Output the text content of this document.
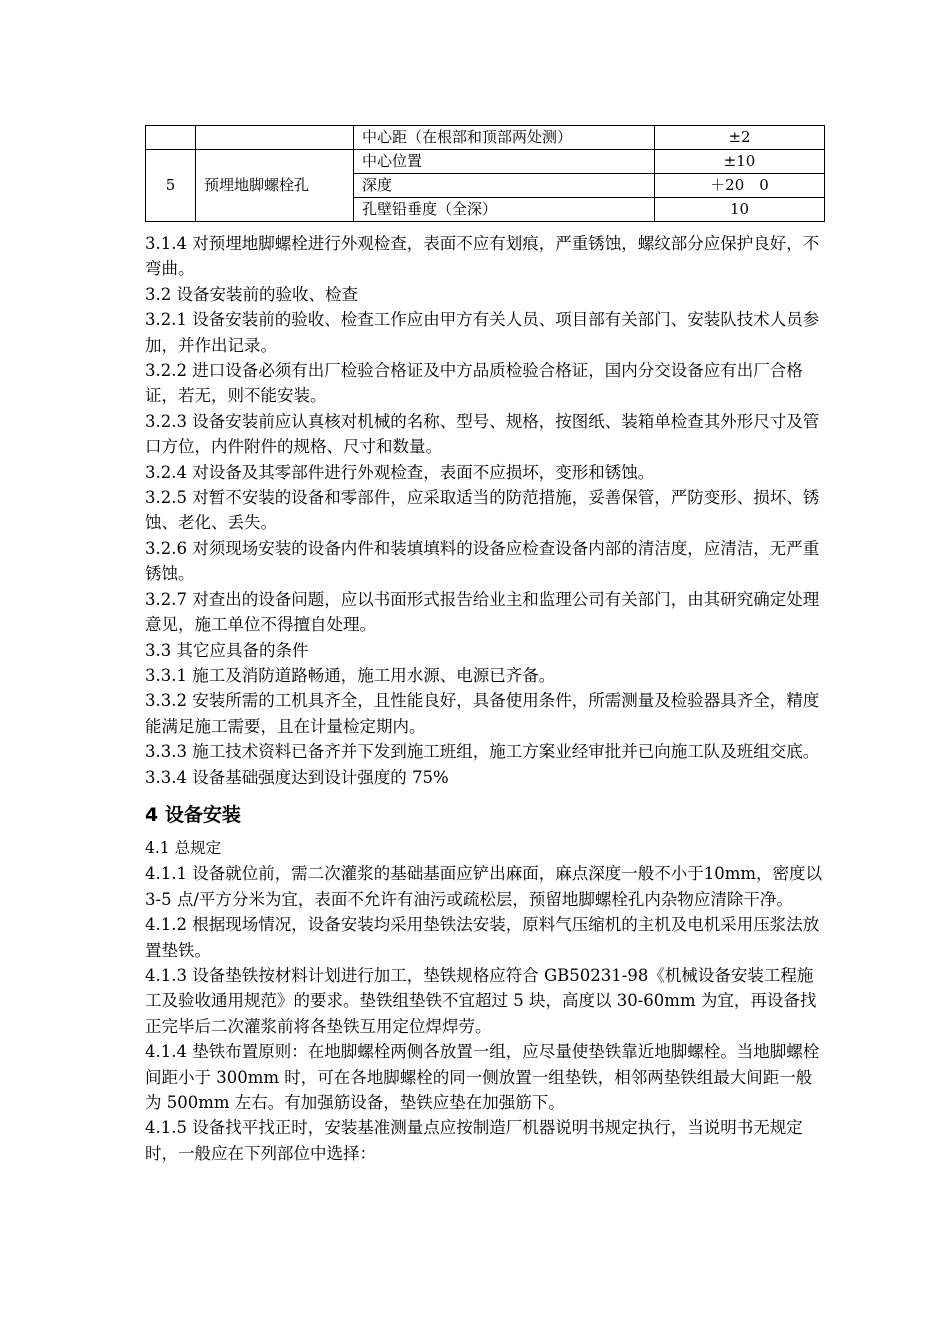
		中心距（在根部和顶部两处测）	±2
5	预埋地脚螺栓孔	中心位置	±10
		深度	＋20　0
		孔壁铅垂度（全深）	10

3.1.4 对预埋地脚螺栓进行外观检查，表面不应有划痕，严重锈蚀，螺纹部分应保护良好，不弯曲。

3.2 设备安装前的验收、检查

3.2.1 设备安装前的验收、检查工作应由甲方有关人员、项目部有关部门、安装队技术人员参加，并作出记录。

3.2.2 进口设备必须有出厂检验合格证及中方品质检验合格证，国内分交设备应有出厂合格证，若无，则不能安装。

3.2.3 设备安装前应认真核对机械的名称、型号、规格，按图纸、装箱单检查其外形尺寸及管口方位，内件附件的规格、尺寸和数量。

3.2.4 对设备及其零部件进行外观检查，表面不应损坏，变形和锈蚀。

3.2.5 对暂不安装的设备和零部件，应采取适当的防范措施，妥善保管，严防变形、损坏、锈蚀、老化、丢失。

3.2.6 对须现场安装的设备内件和装填填料的设备应检查设备内部的清洁度，应清洁，无严重锈蚀。

3.2.7 对查出的设备问题，应以书面形式报告给业主和监理公司有关部门，由其研究确定处理意见，施工单位不得擅自处理。

3.3 其它应具备的条件

3.3.1 施工及消防道路畅通，施工用水源、电源已齐备。

3.3.2 安装所需的工机具齐全，且性能良好，具备使用条件，所需测量及检验器具齐全，精度能满足施工需要，且在计量检定期内。

3.3.3 施工技术资料已备齐并下发到施工班组，施工方案业经审批并已向施工队及班组交底。

3.3.4 设备基础强度达到设计强度的 75%

4 设备安装

4.1 总规定

4.1.1 设备就位前，需二次灌浆的基础基面应铲出麻面，麻点深度一般不小于10mm，密度以 3-5 点/平方分米为宜，表面不允许有油污或疏松层，预留地脚螺栓孔内杂物应清除干净。

4.1.2 根据现场情况，设备安装均采用垫铁法安装，原料气压缩机的主机及电机采用压浆法放置垫铁。

4.1.3 设备垫铁按材料计划进行加工，垫铁规格应符合 GB50231-98《机械设备安装工程施工及验收通用规范》的要求。垫铁组垫铁不宜超过 5 块，高度以 30-60mm 为宜，再设备找正完毕后二次灌浆前将各垫铁互用定位焊焊劳。

4.1.4 垫铁布置原则：在地脚螺栓两侧各放置一组，应尽量使垫铁靠近地脚螺栓。当地脚螺栓间距小于 300mm 时，可在各地脚螺栓的同一侧放置一组垫铁，相邻两垫铁组最大间距一般为 500mm 左右。有加强筋设备，垫铁应垫在加强筋下。

4.1.5 设备找平找正时，安装基准测量点应按制造厂机器说明书规定执行，当说明书无规定时，一般应在下列部位中选择：
